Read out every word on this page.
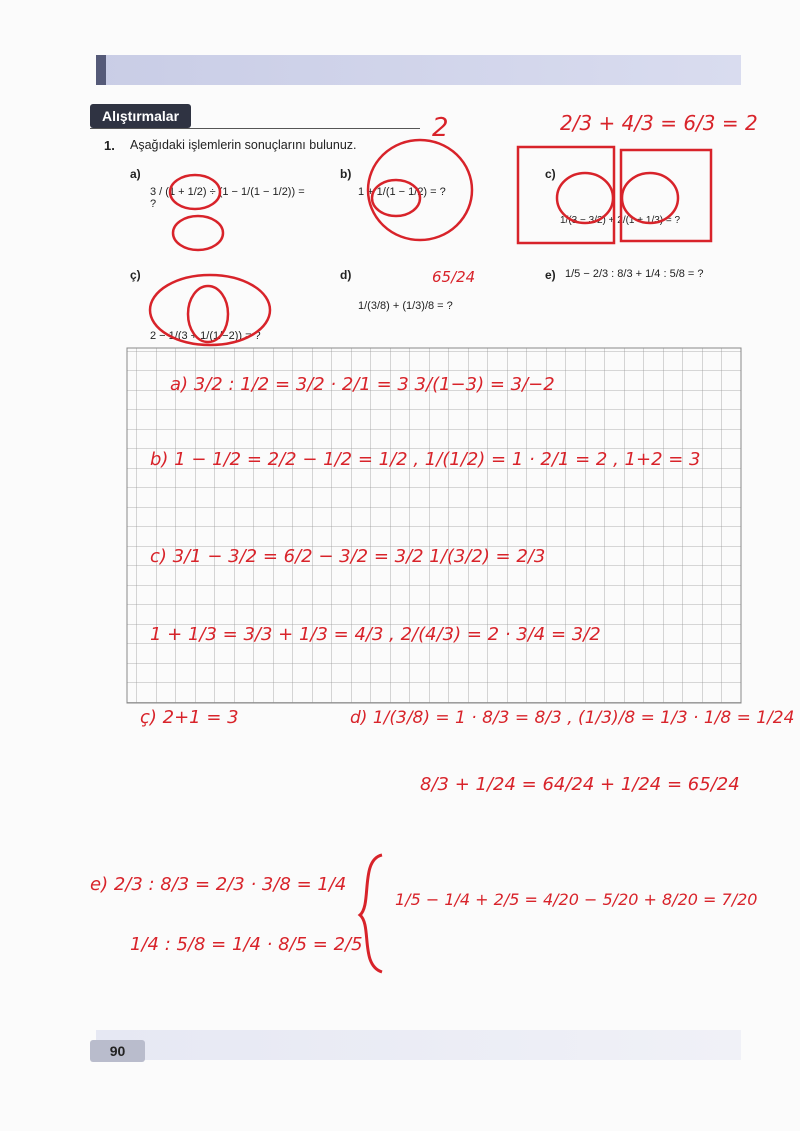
Alıştırmalar
1. Aşağıdaki işlemlerin sonuçlarını bulunuz.
a)	b)	c)
ç)	d)	e)
3 / (1 + 1/2) ÷ (1 − 1/(1 − 1/2)) = ?
1 + 1/(1 − 1/2) = ?
1/(3 − 3/2) + 2/(1 + 1/3) = ?
2 − 1/(3 + 1/(1/−2)) = ?
1/(3/8) + (1/3)/8 = ?
1/5 − 2/3 : 8/3 + 1/4 : 5/8 = ?
2/3 + 4/3 = 6/3 = 2
2
65/24
a) 3/2 : 1/2 = 3/2 · 2/1 = 3 3/(1−3) = 3/−2
b) 1 − 1/2 = 2/2 − 1/2 = 1/2 , 1/(1/2) = 1 · 2/1 = 2 , 1+2 = 3
c) 3/1 − 3/2 = 6/2 − 3/2 = 3/2 1/(3/2) = 2/3
1 + 1/3 = 3/3 + 1/3 = 4/3 , 2/(4/3) = 2 · 3/4 = 3/2
ç) 2+1 = 3	d) 1/(3/8) = 1 · 8/3 = 8/3 , (1/3)/8 = 1/3 · 1/8 = 1/24
8/3 + 1/24 = 64/24 + 1/24 = 65/24
e) 2/3 : 8/3 = 2/3 · 3/8 = 1/4
1/4 : 5/8 = 1/4 · 8/5 = 2/5
1/5 − 1/4 + 2/5 = 4/20 − 5/20 + 8/20 = 7/20
90
